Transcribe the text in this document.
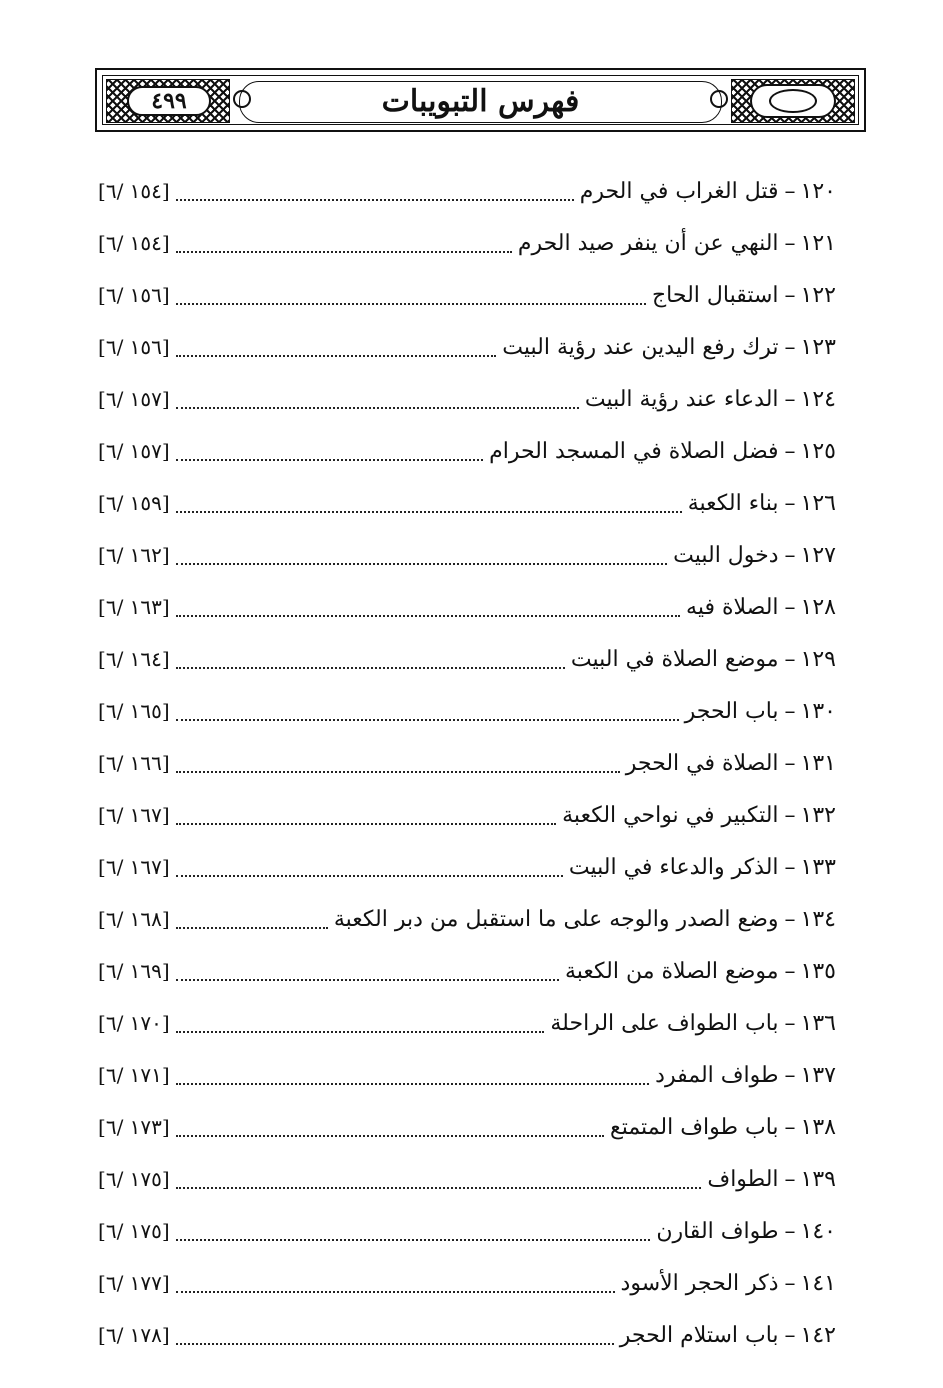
٤٩٩	فهرس التبويبات
١٢٠
–
قتل الغراب في الحرم
[١٥٤ /٦]
١٢١
–
النهي عن أن ينفر صيد الحرم
[١٥٤ /٦]
١٢٢
–
استقبال الحاج
[١٥٦ /٦]
١٢٣
–
ترك رفع اليدين عند رؤية البيت
[١٥٦ /٦]
١٢٤
–
الدعاء عند رؤية البيت
[١٥٧ /٦]
١٢٥
–
فضل الصلاة في المسجد الحرام
[١٥٧ /٦]
١٢٦
–
بناء الكعبة
[١٥٩ /٦]
١٢٧
–
دخول البيت
[١٦٢ /٦]
١٢٨
–
الصلاة فيه
[١٦٣ /٦]
١٢٩
–
موضع الصلاة في البيت
[١٦٤ /٦]
١٣٠
–
باب الحجر
[١٦٥ /٦]
١٣١
–
الصلاة في الحجر
[١٦٦ /٦]
١٣٢
–
التكبير في نواحي الكعبة
[١٦٧ /٦]
١٣٣
–
الذكر والدعاء في البيت
[١٦٧ /٦]
١٣٤
–
وضع الصدر والوجه على ما استقبل من دبر الكعبة
[١٦٨ /٦]
١٣٥
–
موضع الصلاة من الكعبة
[١٦٩ /٦]
١٣٦
–
باب الطواف على الراحلة
[١٧٠ /٦]
١٣٧
–
طواف المفرد
[١٧١ /٦]
١٣٨
–
باب طواف المتمتع
[١٧٣ /٦]
١٣٩
–
الطواف
[١٧٥ /٦]
١٤٠
–
طواف القارن
[١٧٥ /٦]
١٤١
–
ذكر الحجر الأسود
[١٧٧ /٦]
١٤٢
–
باب استلام الحجر
[١٧٨ /٦]
